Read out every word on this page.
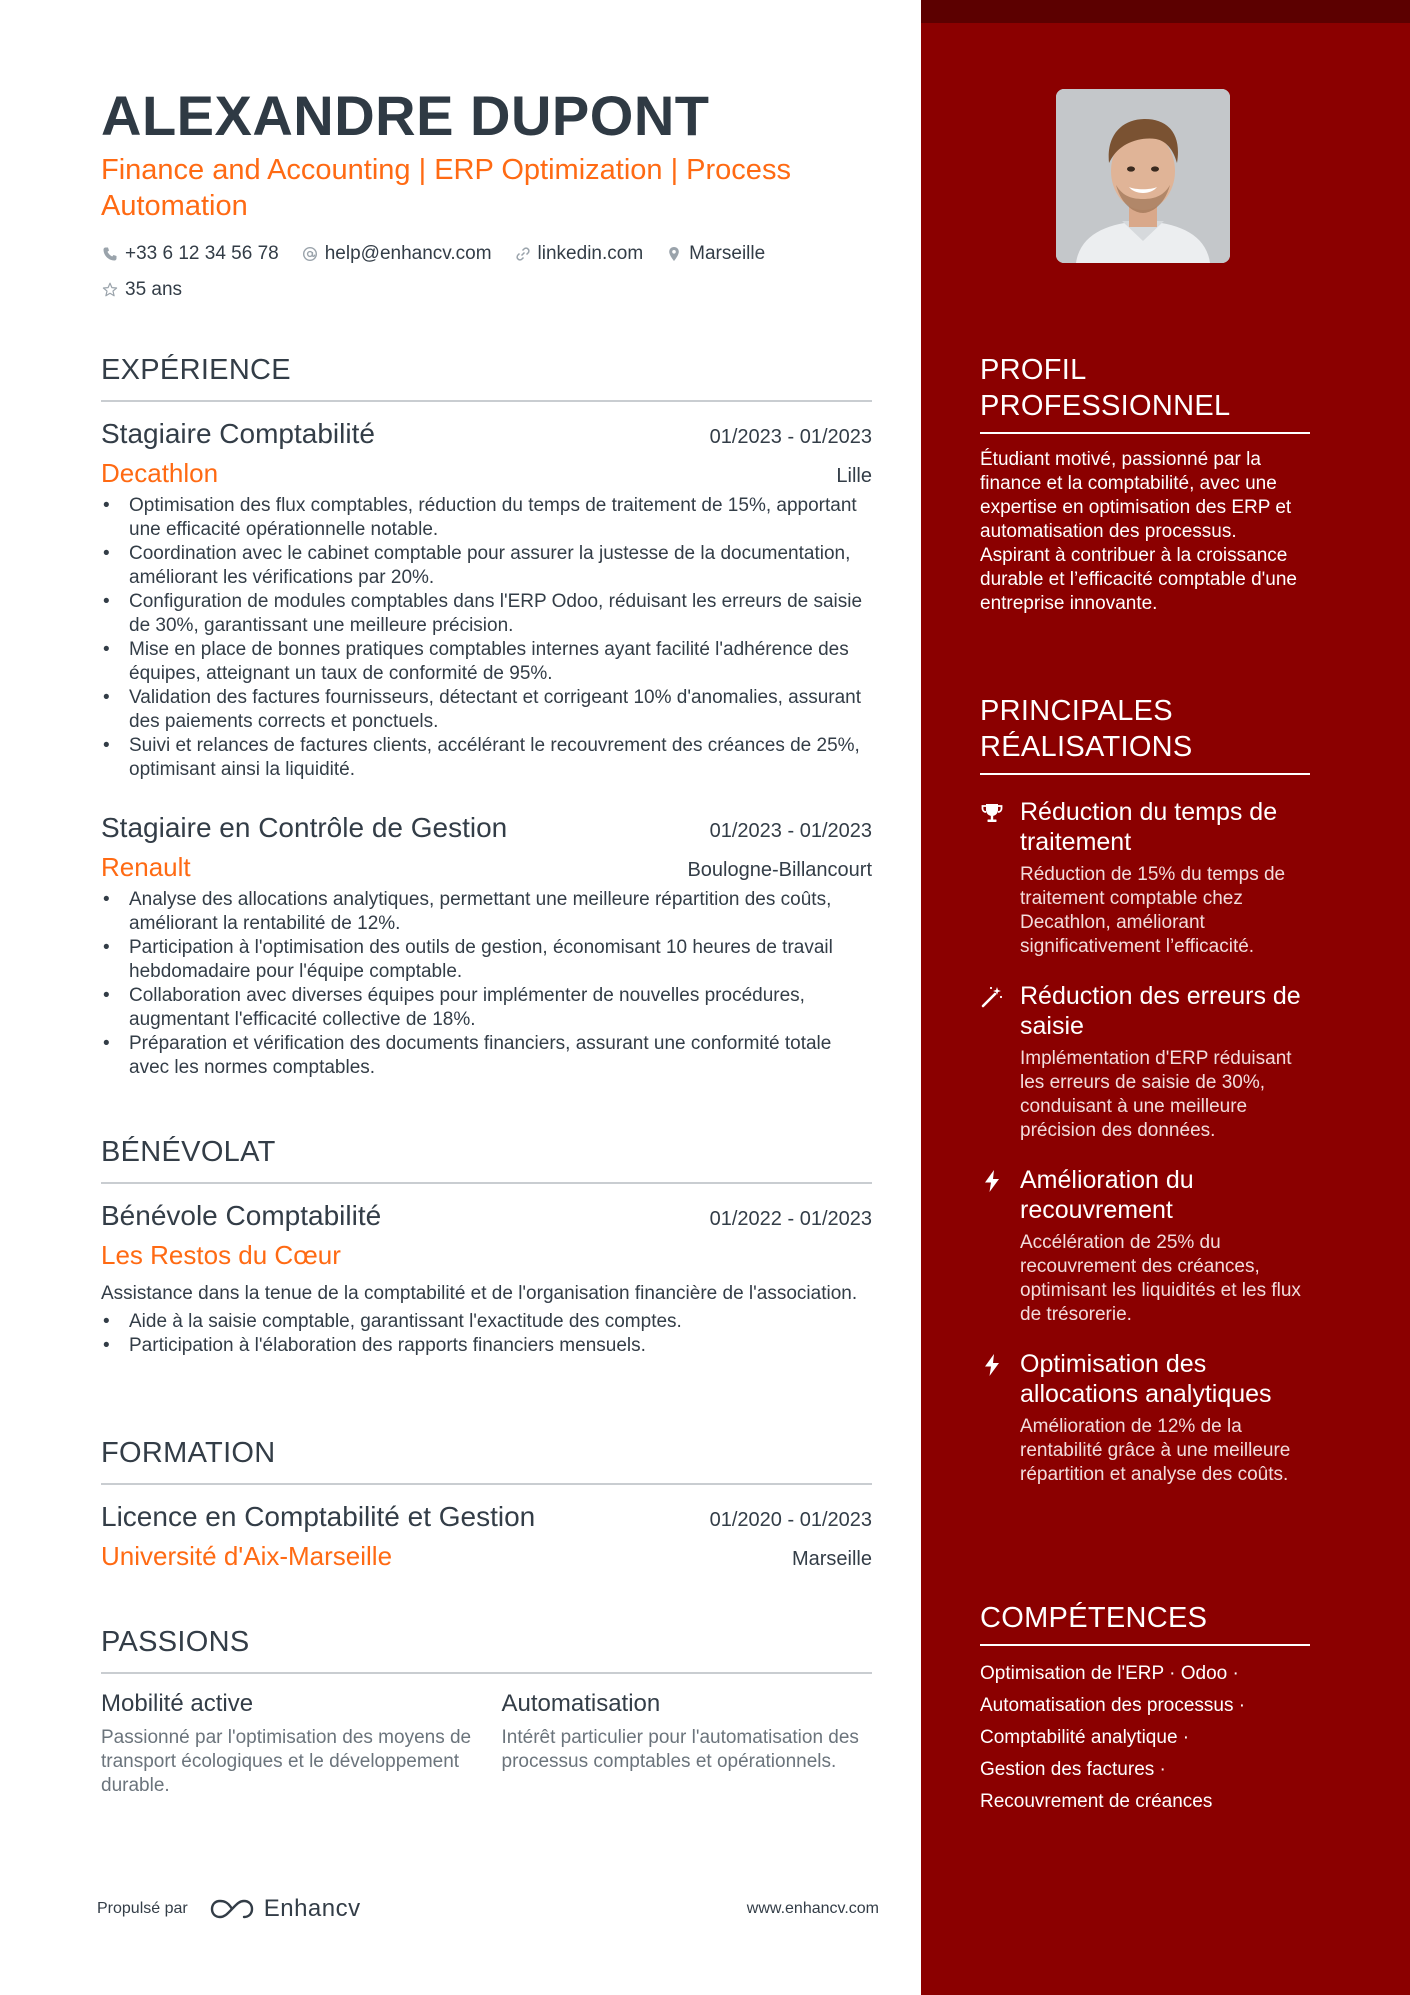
ALEXANDRE DUPONT
Finance and Accounting | ERP Optimization | Process Automation
+33 6 12 34 56 78 help@enhancv.com linkedin.com Marseille
35 ans
EXPÉRIENCE
Stagiaire Comptabilité	01/2023 - 01/2023
Decathlon	Lille
• Optimisation des flux comptables, réduction du temps de traitement de 15%, apportant une efficacité opérationnelle notable.
• Coordination avec le cabinet comptable pour assurer la justesse de la documentation, améliorant les vérifications par 20%.
• Configuration de modules comptables dans l'ERP Odoo, réduisant les erreurs de saisie de 30%, garantissant une meilleure précision.
• Mise en place de bonnes pratiques comptables internes ayant facilité l'adhérence des équipes, atteignant un taux de conformité de 95%.
• Validation des factures fournisseurs, détectant et corrigeant 10% d'anomalies, assurant des paiements corrects et ponctuels.
• Suivi et relances de factures clients, accélérant le recouvrement des créances de 25%, optimisant ainsi la liquidité.
Stagiaire en Contrôle de Gestion	01/2023 - 01/2023
Renault	Boulogne-Billancourt
• Analyse des allocations analytiques, permettant une meilleure répartition des coûts, améliorant la rentabilité de 12%.
• Participation à l'optimisation des outils de gestion, économisant 10 heures de travail hebdomadaire pour l'équipe comptable.
• Collaboration avec diverses équipes pour implémenter de nouvelles procédures, augmentant l'efficacité collective de 18%.
• Préparation et vérification des documents financiers, assurant une conformité totale avec les normes comptables.
BÉNÉVOLAT
Bénévole Comptabilité	01/2022 - 01/2023
Les Restos du Cœur
Assistance dans la tenue de la comptabilité et de l'organisation financière de l'association.
• Aide à la saisie comptable, garantissant l'exactitude des comptes.
• Participation à l'élaboration des rapports financiers mensuels.
FORMATION
Licence en Comptabilité et Gestion	01/2020 - 01/2023
Université d'Aix-Marseille	Marseille
PASSIONS
Mobilité active
Passionné par l'optimisation des moyens de transport écologiques et le développement durable.
Automatisation
Intérêt particulier pour l'automatisation des processus comptables et opérationnels.
Propulsé par	Enhancv	www.enhancv.com
PROFIL PROFESSIONNEL
Étudiant motivé, passionné par la finance et la comptabilité, avec une expertise en optimisation des ERP et automatisation des processus. Aspirant à contribuer à la croissance durable et l’efficacité comptable d'une entreprise innovante.
PRINCIPALES RÉALISATIONS
Réduction du temps de traitement
Réduction de 15% du temps de traitement comptable chez Decathlon, améliorant significativement l’efficacité.
Réduction des erreurs de saisie
Implémentation d'ERP réduisant les erreurs de saisie de 30%, conduisant à une meilleure précision des données.
Amélioration du recouvrement
Accélération de 25% du recouvrement des créances, optimisant les liquidités et les flux de trésorerie.
Optimisation des allocations analytiques
Amélioration de 12% de la rentabilité grâce à une meilleure répartition et analyse des coûts.
COMPÉTENCES
Optimisation de l'ERP · Odoo ·
Automatisation des processus ·
Comptabilité analytique ·
Gestion des factures ·
Recouvrement de créances
